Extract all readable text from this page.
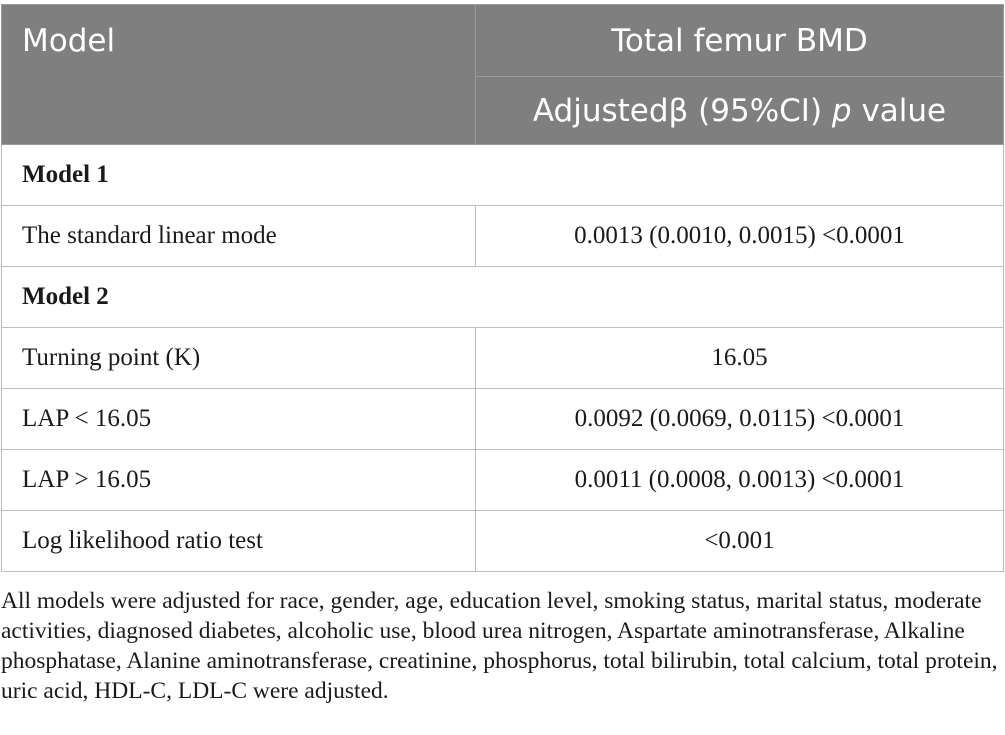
Model	Total femur BMD
	Adjustedβ (95%CI) p value
Model 1	
The standard linear mode	0.0013 (0.0010, 0.0015) <0.0001
Model 2	
Turning point (K)	16.05
LAP < 16.05	0.0092 (0.0069, 0.0115) <0.0001
LAP > 16.05	0.0011 (0.0008, 0.0013) <0.0001
Log likelihood ratio test	<0.001

All models were adjusted for race, gender, age, education level, smoking status, marital status, moderate activities, diagnosed diabetes, alcoholic use, blood urea nitrogen, Aspartate aminotransferase, Alkaline phosphatase, Alanine aminotransferase, creatinine, phosphorus, total bilirubin, total calcium, total protein, uric acid, HDL-C, LDL-C were adjusted.
